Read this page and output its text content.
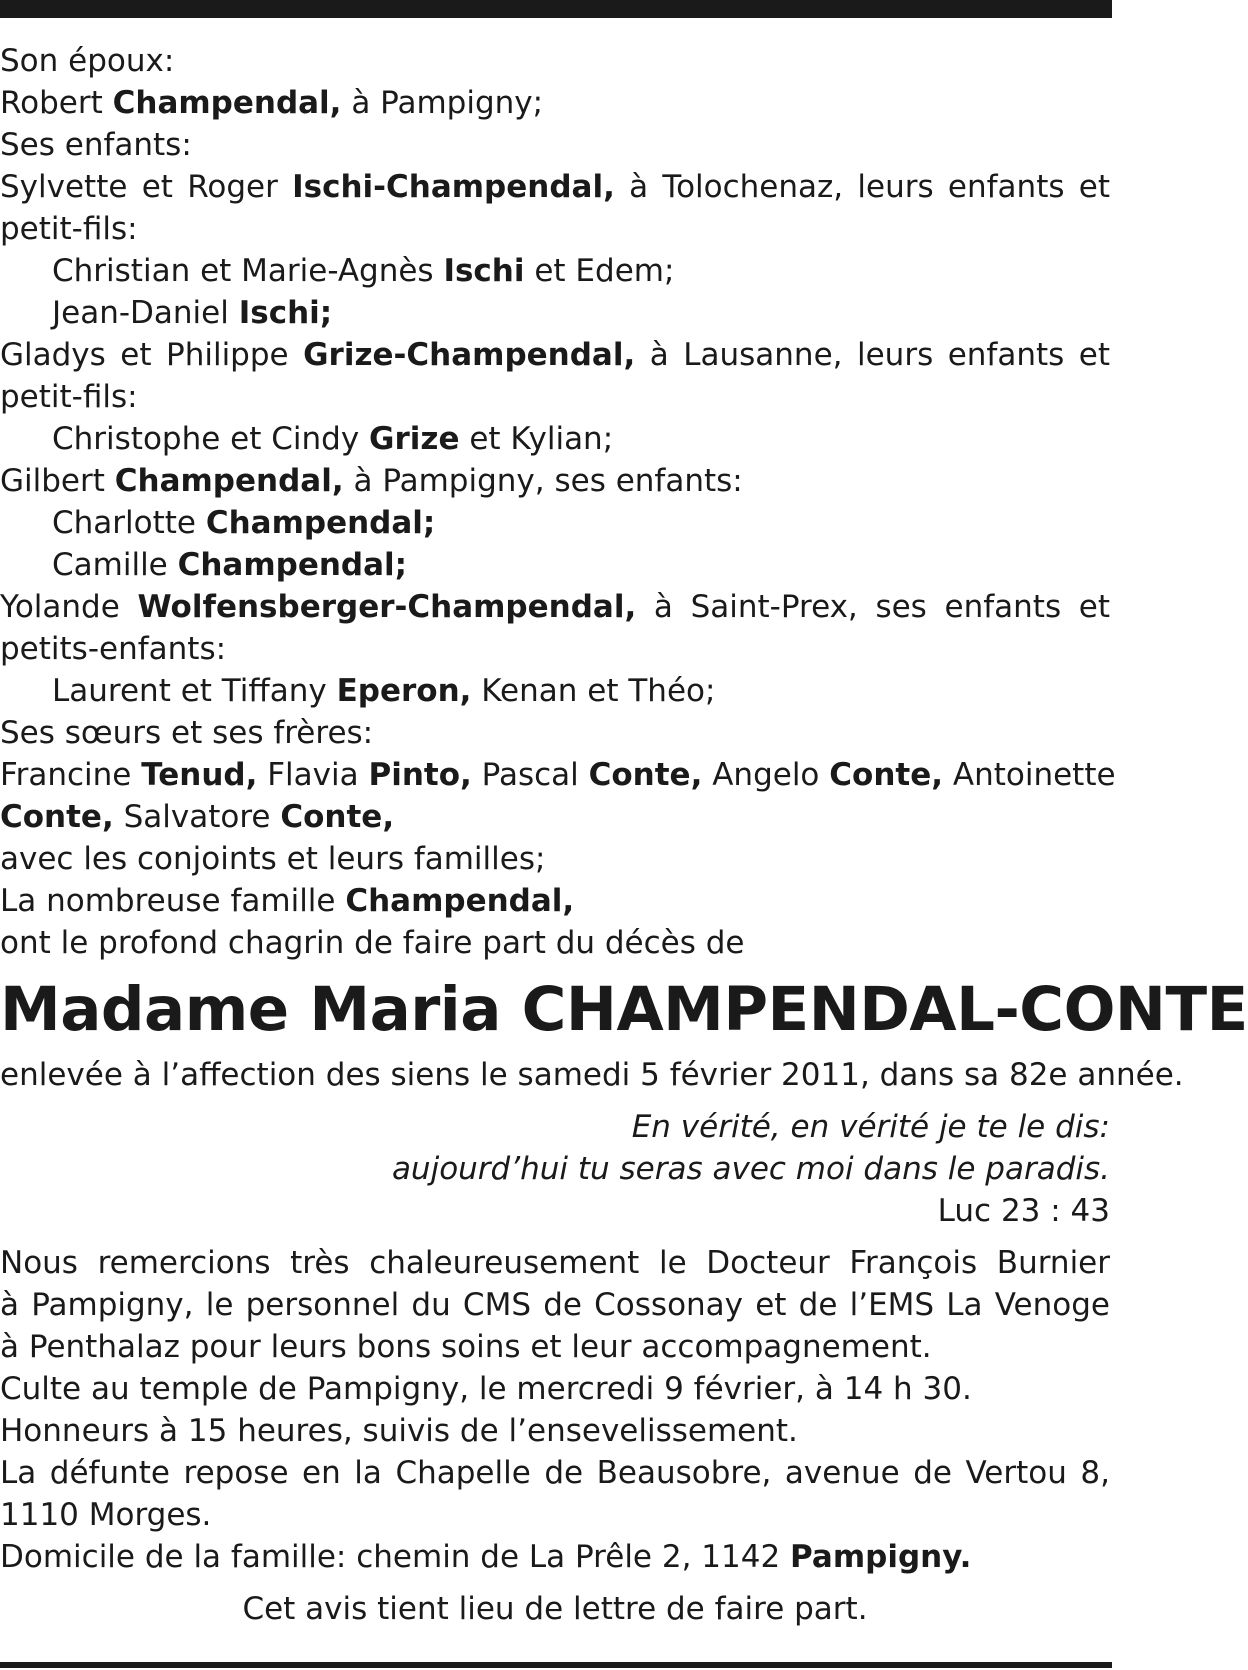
Son époux:
Robert Champendal, à Pampigny;
Ses enfants:
Sylvette et Roger Ischi-Champendal, à Tolochenaz, leurs enfants et
petit-fils:
Christian et Marie-Agnès Ischi et Edem;
Jean-Daniel Ischi;
Gladys et Philippe Grize-Champendal, à Lausanne, leurs enfants et
petit-fils:
Christophe et Cindy Grize et Kylian;
Gilbert Champendal, à Pampigny, ses enfants:
Charlotte Champendal;
Camille Champendal;
Yolande Wolfensberger-Champendal, à Saint-Prex, ses enfants et
petits-enfants:
Laurent et Tiffany Eperon, Kenan et Théo;
Ses sœurs et ses frères:
Francine Tenud, Flavia Pinto, Pascal Conte, Angelo Conte, Antoinette
Conte, Salvatore Conte,
avec les conjoints et leurs familles;
La nombreuse famille Champendal,
ont le profond chagrin de faire part du décès de
Madame Maria CHAMPENDAL-CONTE
enlevée à l’affection des siens le samedi 5 février 2011, dans sa 82e année.
En vérité, en vérité je te le dis:
aujourd’hui tu seras avec moi dans le paradis.
Luc 23 : 43
Nous remercions très chaleureusement le Docteur François Burnier
à Pampigny, le personnel du CMS de Cossonay et de l’EMS La Venoge
à Penthalaz pour leurs bons soins et leur accompagnement.
Culte au temple de Pampigny, le mercredi 9 février, à 14 h 30.
Honneurs à 15 heures, suivis de l’ensevelissement.
La défunte repose en la Chapelle de Beausobre, avenue de Vertou 8,
1110 Morges.
Domicile de la famille: chemin de La Prêle 2, 1142 Pampigny.
Cet avis tient lieu de lettre de faire part.
